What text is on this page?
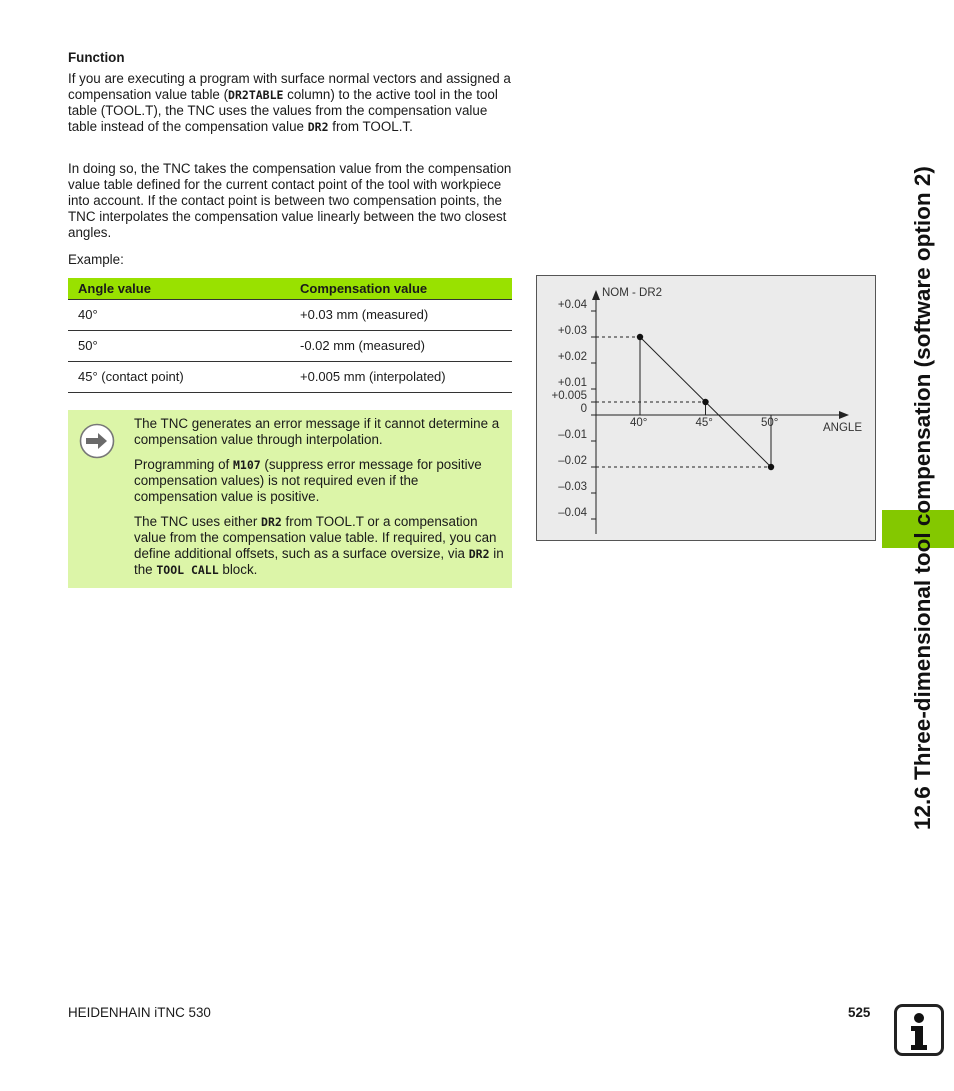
Function

If you are executing a program with surface normal vectors and assigned a compensation value table (DR2TABLE column) to the active tool in the tool table (TOOL.T), the TNC uses the values from the compensation value table instead of the compensation value DR2 from TOOL.T.

In doing so, the TNC takes the compensation value from the compensation value table defined for the current contact point of the tool with workpiece into account. If the contact point is between two compensation points, the TNC interpolates the compensation value linearly between the two closest angles.

Example:

Angle value	Compensation value
40°	+0.03 mm (measured)
50°	-0.02 mm (measured)
45° (contact point)	+0.005 mm (interpolated)

The TNC generates an error message if it cannot determine a compensation value through interpolation.

Programming of M107 (suppress error message for positive compensation values) is not required even if the compensation value is positive.

The TNC uses either DR2 from TOOL.T or a compensation value from the compensation value table. If required, you can define additional offsets, such as a surface oversize, via DR2 in the TOOL CALL block.

NOM - DR2
ANGLE
+0.04
+0.03
+0.02
+0.01
+0.005
0
–0.01
–0.02
–0.03
–0.04
40°	45°	50°	12.6 Three-dimensional tool compensation (software option 2)
HEIDENHAIN iTNC 530	525
